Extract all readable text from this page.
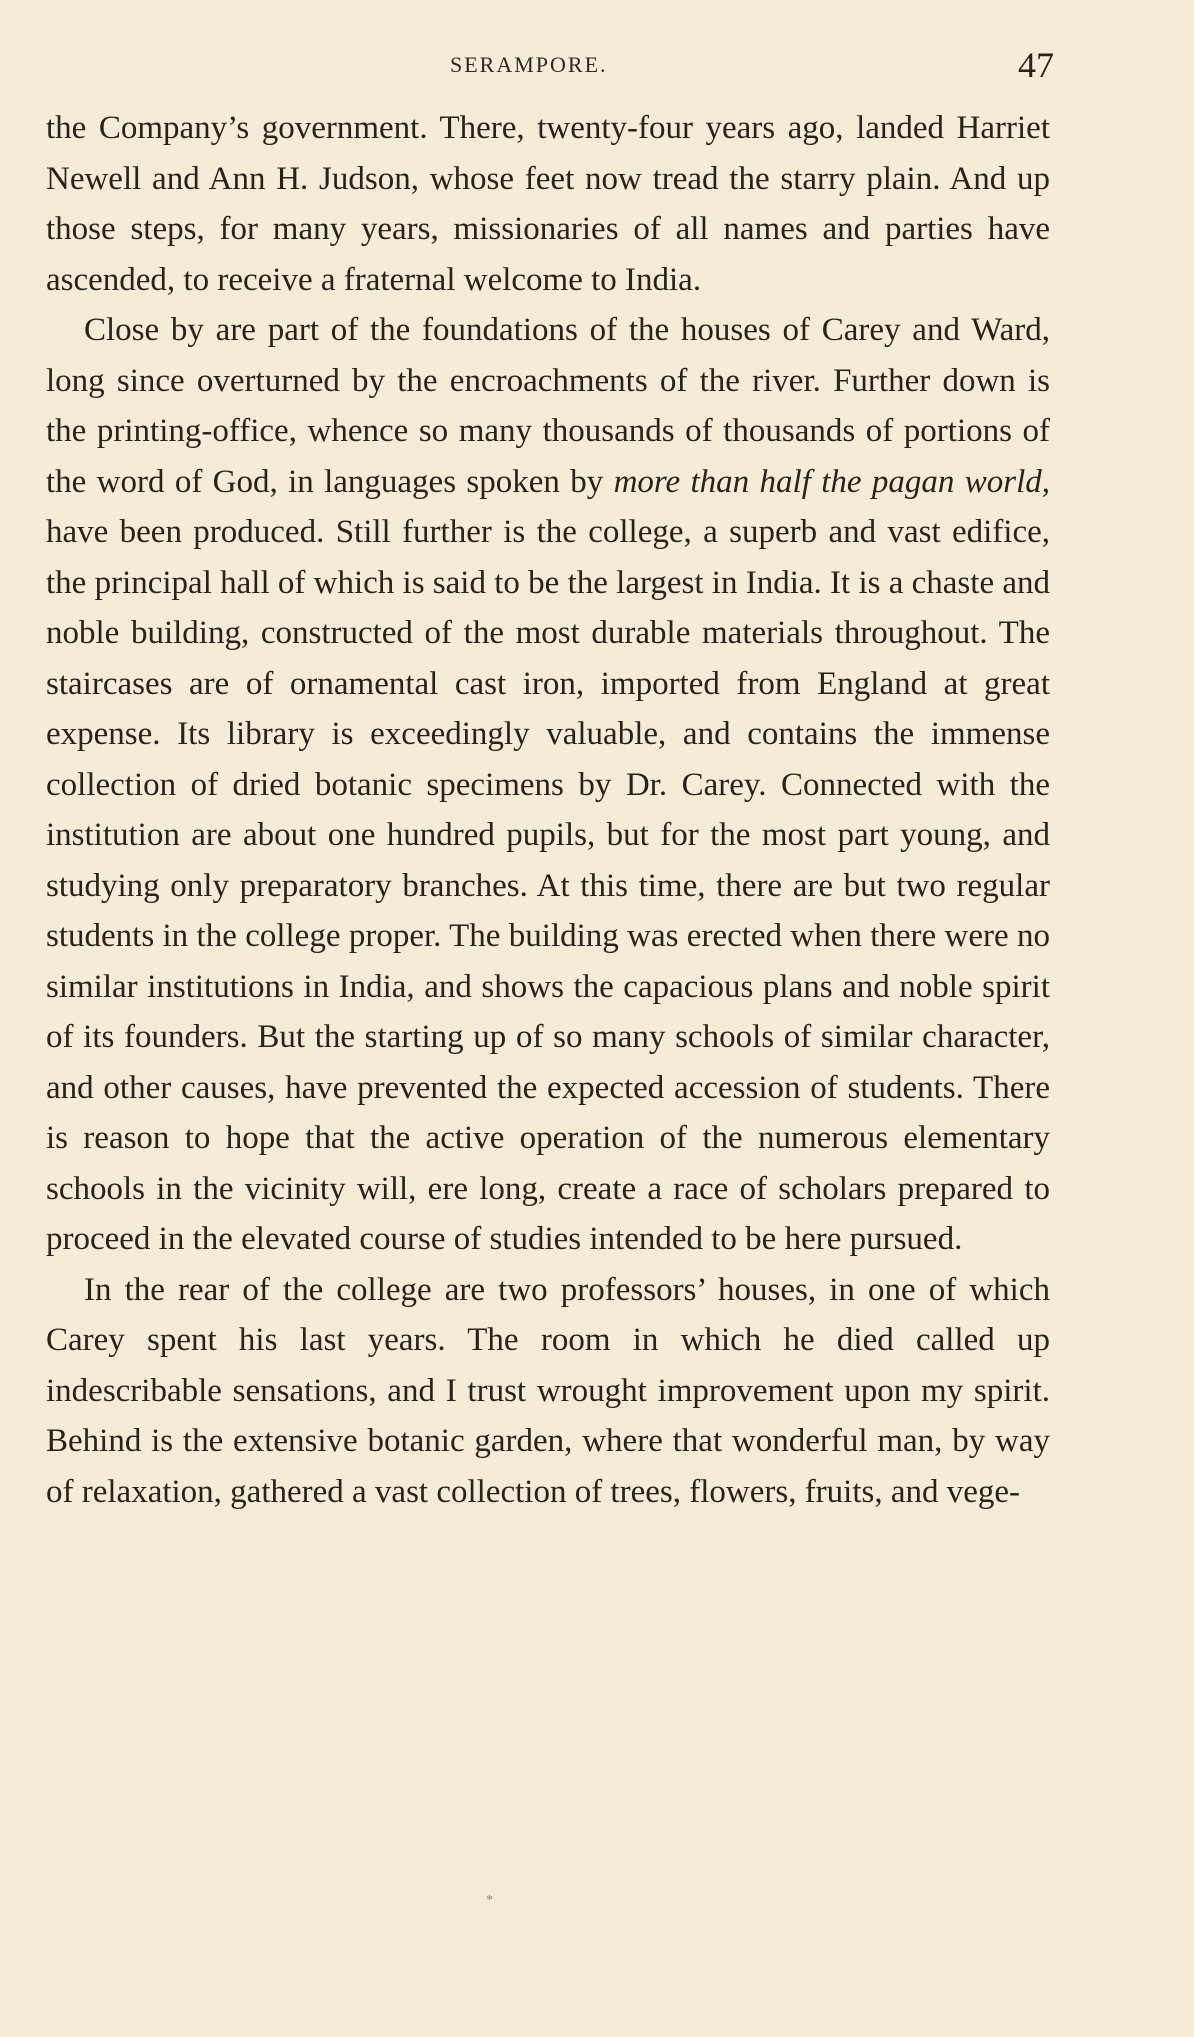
SERAMPORE.	47

the Company’s government. There, twenty-four years ago, landed Harriet Newell and Ann H. Judson, whose feet now tread the starry plain. And up those steps, for many years, missionaries of all names and parties have ascended, to receive a fraternal welcome to India.

Close by are part of the foundations of the houses of Carey and Ward, long since overturned by the encroachments of the river. Further down is the printing-office, whence so many thousands of thousands of portions of the word of God, in languages spoken by more than half the pagan world, have been produced. Still further is the college, a superb and vast edifice, the principal hall of which is said to be the largest in India. It is a chaste and noble building, constructed of the most durable materials throughout. The staircases are of ornamental cast iron, imported from England at great expense. Its library is exceedingly valuable, and contains the immense collection of dried botanic specimens by Dr. Carey. Connected with the institution are about one hundred pupils, but for the most part young, and studying only preparatory branches. At this time, there are but two regular students in the college proper. The building was erected when there were no similar institutions in India, and shows the capacious plans and noble spirit of its founders. But the starting up of so many schools of similar character, and other causes, have prevented the expected accession of students. There is reason to hope that the active operation of the numerous elementary schools in the vicinity will, ere long, create a race of scholars prepared to proceed in the elevated course of studies intended to be here pursued.

In the rear of the college are two professors’ houses, in one of which Carey spent his last years. The room in which he died called up indescribable sensations, and I trust wrought improvement upon my spirit. Behind is the extensive botanic garden, where that wonderful man, by way of relaxation, gathered a vast collection of trees, flowers, fruits, and vege-

*
